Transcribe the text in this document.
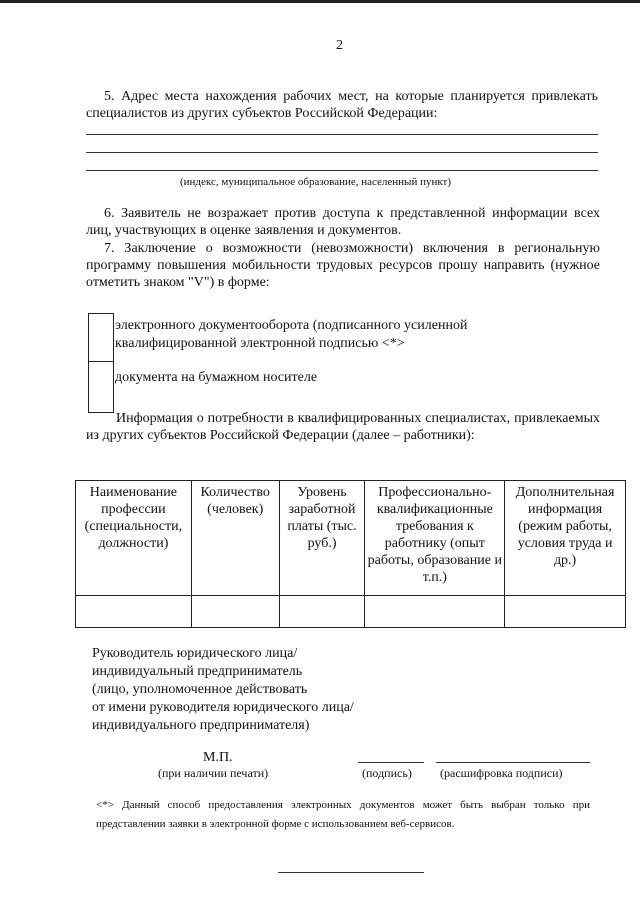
2
5. Адрес места нахождения рабочих мест, на которые планируется привлекать специалистов из других субъектов Российской Федерации:
(индекс, муниципальное образование, населенный пункт)
6. Заявитель не возражает против доступа к представленной информации всех лиц, участвующих в оценке заявления и документов.
7. Заключение о возможности (невозможности) включения в региональную программу повышения мобильности трудовых ресурсов прошу направить (нужное отметить знаком "V") в форме:
электронного документооборота (подписанного усиленной
квалифицированной электронной подписью <*>
документа на бумажном носителе
Информация о потребности в квалифицированных специалистах, привлекаемых из других субъектов Российской Федерации (далее – работники):
Наименование профессии (специальности, должности)	Количество (человек)	Уровень заработной платы (тыс. руб.)	Профессионально-квалификационные требования к работнику (опыт работы, образование и т.п.)	Дополнительная информация (режим работы, условия труда и др.)

Руководитель юридического лица/
индивидуальный предприниматель
(лицо, уполномоченное действовать
от имени руководителя юридического лица/
индивидуального предпринимателя)
М.П.
(при наличии печати)	(подпись) (расшифровка подписи)
<*> Данный способ предоставления электронных документов может быть выбран только при представлении заявки в электронной форме с использованием веб-сервисов.
